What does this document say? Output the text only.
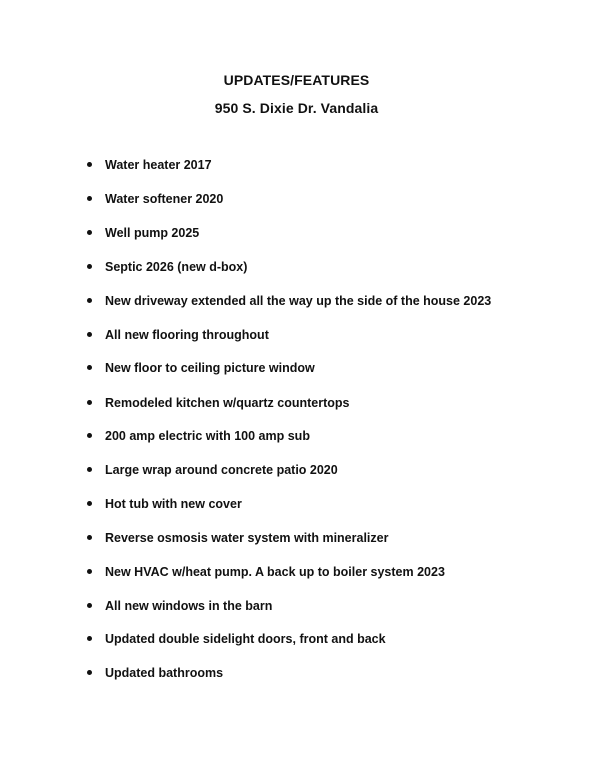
UPDATES/FEATURES
950 S. Dixie Dr. Vandalia
Water heater 2017
Water softener 2020
Well pump 2025
Septic 2026 (new d-box)
New driveway extended all the way up the side of the house 2023
All new flooring throughout
New floor to ceiling picture window
Remodeled kitchen w/quartz countertops
200 amp electric with 100 amp sub
Large wrap around concrete patio 2020
Hot tub with new cover
Reverse osmosis water system with mineralizer
New HVAC w/heat pump. A back up to boiler system 2023
All new windows in the barn
Updated double sidelight doors, front and back
Updated bathrooms
